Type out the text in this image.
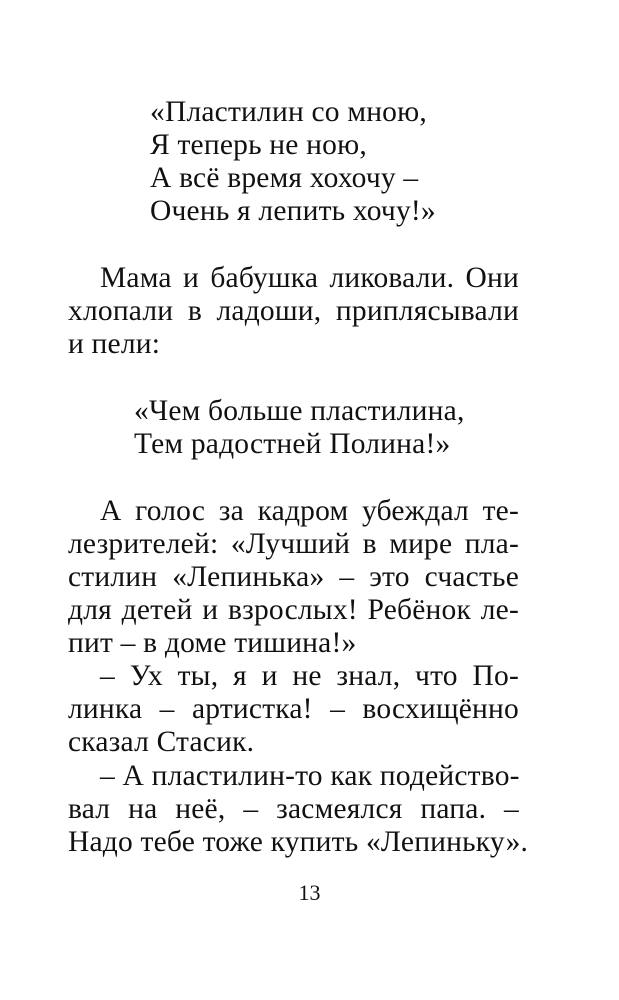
«Пластилин со мною,
Я теперь не ною,
А всё время хохочу –
Очень я лепить хочу!»
Мама и бабушка ликовали. Они
хлопали в ладоши, приплясывали
и пели:
«Чем больше пластилина,
Тем радостней Полина!»
А голос за кадром убеждал те-
лезрителей: «Лучший в мире пла-
стилин «Лепинька» – это счастье
для детей и взрослых! Ребёнок ле-
пит – в доме тишина!»
– Ух ты, я и не знал, что По-
линка – артистка! – восхищённо
сказал Стасик.
– А пластилин-то как подейство-
вал на неё, – засмеялся папа. –
Надо тебе тоже купить «Лепиньку».
13
